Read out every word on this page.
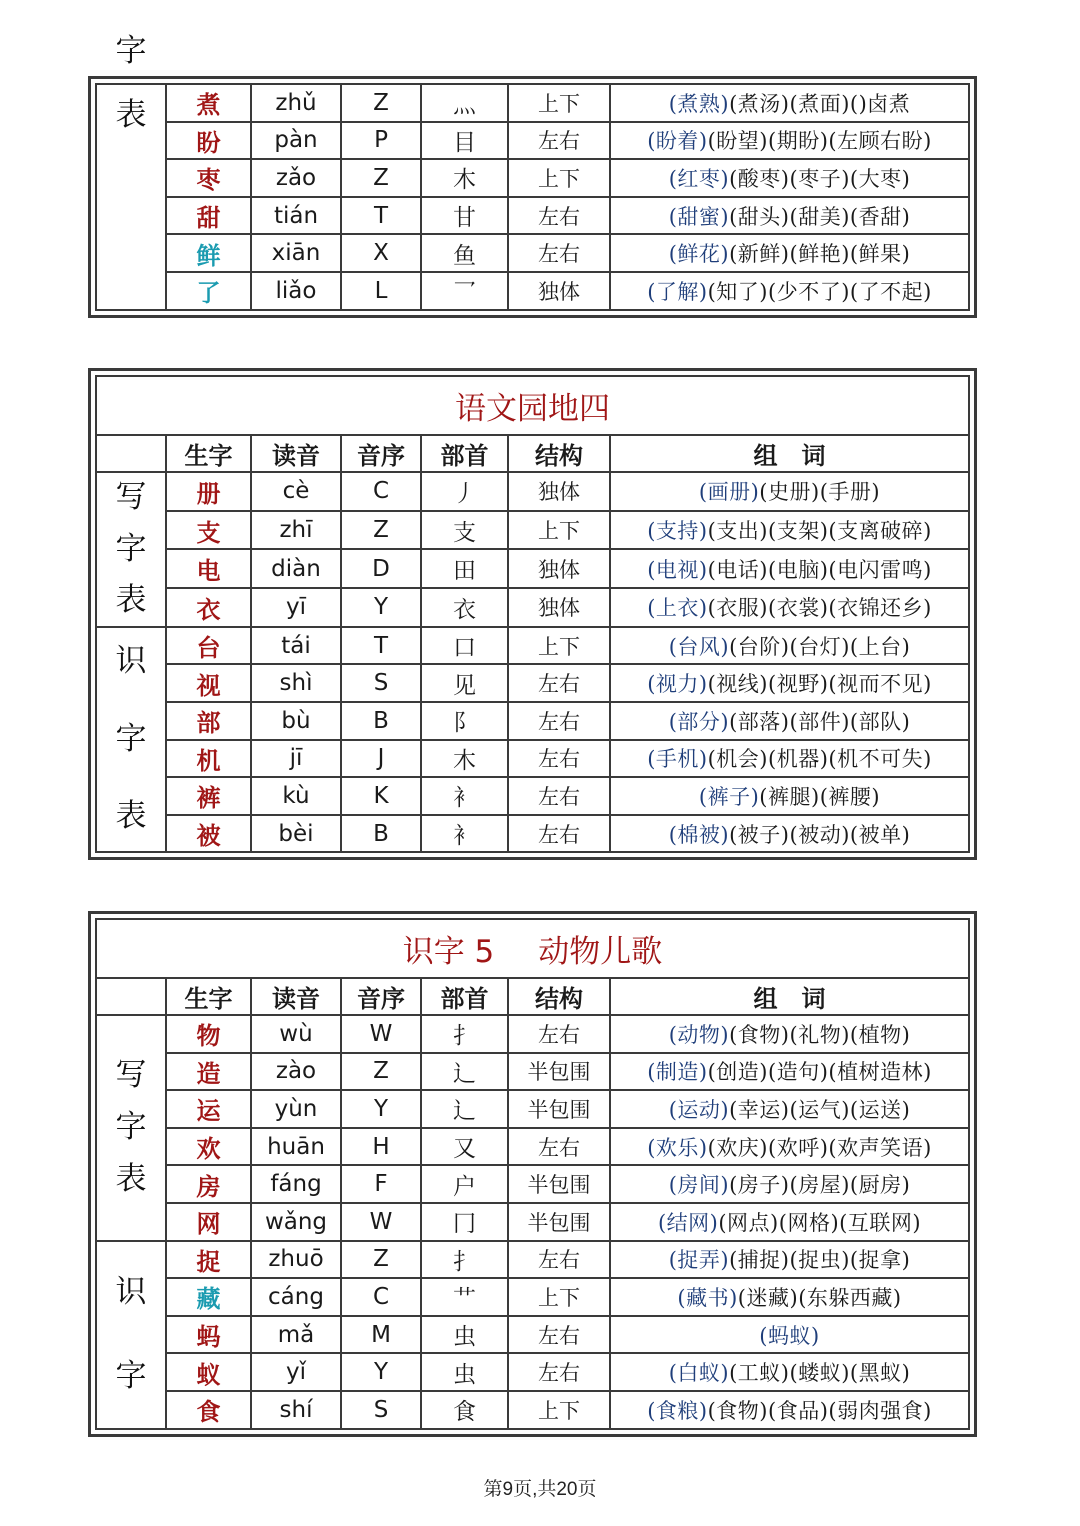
字
表	煮	zhǔ	Z	灬	上下	(煮熟)(煮汤)(煮面)()卤煮
	盼	pàn	P	目	左右	(盼着)(盼望)(期盼)(左顾右盼)
	枣	zǎo	Z	木	上下	(红枣)(酸枣)(枣子)(大枣)
	甜	tián	T	甘	左右	(甜蜜)(甜头)(甜美)(香甜)
	鲜	xiān	X	鱼	左右	(鲜花)(新鲜)(鲜艳)(鲜果)
	了	liǎo	L	乛	独体	(了解)(知了)(少不了)(了不起)
语文园地四						
	生字	读音	音序	部首	结构	组　词

写
字
表	册	cè	C	丿	独体	(画册)(史册)(手册)
	支	zhī	Z	支	上下	(支持)(支出)(支架)(支离破碎)
	电	diàn	D	田	独体	(电视)(电话)(电脑)(电闪雷鸣)
	衣	yī	Y	衣	独体	(上衣)(衣服)(衣裳)(衣锦还乡)

识
字
表	台	tái	T	口	上下	(台风)(台阶)(台灯)(上台)
	视	shì	S	见	左右	(视力)(视线)(视野)(视而不见)
	部	bù	B	阝	左右	(部分)(部落)(部件)(部队)
	机	jī	J	木	左右	(手机)(机会)(机器)(机不可失)
	裤	kù	K	衤	左右	(裤子)(裤腿)(裤腰)
	被	bèi	B	衤	左右	(棉被)(被子)(被动)(被单)
识字 5 动物儿歌						
	生字	读音	音序	部首	结构	组　词

写
字
表	物	wù	W	扌	左右	(动物)(食物)(礼物)(植物)
	造	zào	Z	辶	半包围	(制造)(创造)(造句)(植树造林)
	运	yùn	Y	辶	半包围	(运动)(幸运)(运气)(运送)
	欢	huān	H	又	左右	(欢乐)(欢庆)(欢呼)(欢声笑语)
	房	fáng	F	户	半包围	(房间)(房子)(房屋)(厨房)
	网	wǎng	W	冂	半包围	(结网)(网点)(网格)(互联网)

识
字	捉	zhuō	Z	扌	左右	(捉弄)(捕捉)(捉虫)(捉拿)
	藏	cáng	C	艹	上下	(藏书)(迷藏)(东躲西藏)
	蚂	mǎ	M	虫	左右	(蚂蚁)
	蚁	yǐ	Y	虫	左右	(白蚁)(工蚁)(蝼蚁)(黑蚁)
	食	shí	S	食	上下	(食粮)(食物)(食品)(弱肉强食)
第9页,共20页
